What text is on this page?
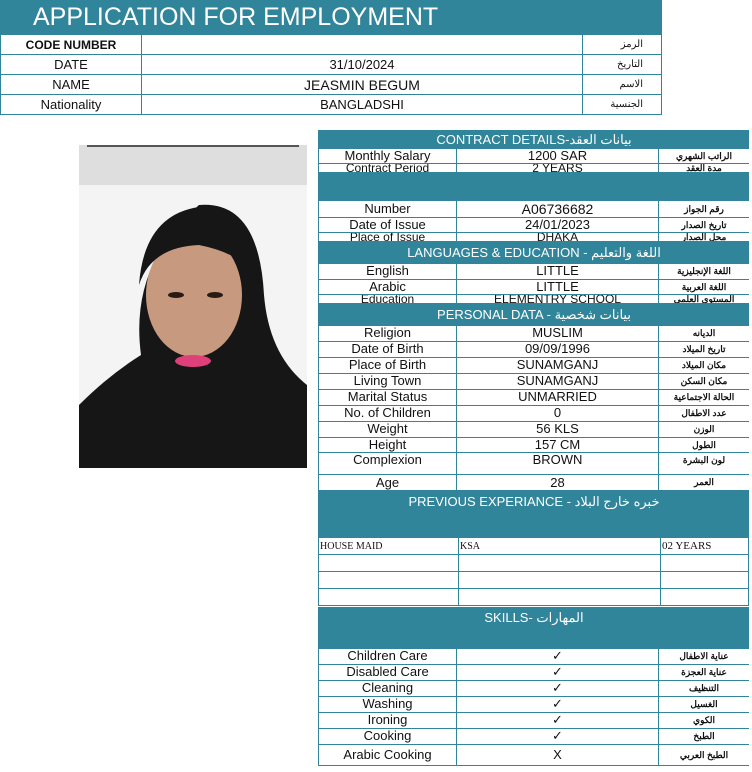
APPLICATION FOR EMPLOYMENT
CODE NUMBER		الرمز
DATE	31/10/2024	التاريخ
NAME	JEASMIN BEGUM	الاسم
Nationality	BANGLADSHI	الجنسية
CONTRACT DETAILS-بيانات العقد
Monthly Salary	1200 SAR	الراتب الشهري
Contract Period	2 YEARS	مدة العقد
Number	A06736682	رقم الجواز
Date of Issue	24/01/2023	تاريخ الصدار
Place of Issue	DHAKA	محل الصدار
LANGUAGES & EDUCATION - اللغة والتعليم
English	LITTLE	اللغة الإنجليزية
Arabic	LITTLE	اللغة العربية
Education	ELEMENTRY SCHOOL	المستوى العلمي
PERSONAL DATA - بيانات شخصية
Religion	MUSLIM	الديانه
Date of Birth	09/09/1996	تاريخ الميلاد
Place of Birth	SUNAMGANJ	مكان الميلاد
Living Town	SUNAMGANJ	مكان السكن
Marital Status	UNMARRIED	الحالة الاجتماعية
No. of Children	0	عدد الاطفال
Weight	56 KLS	الوزن
Height	157 CM	الطول
Complexion	BROWN	لون البشرة
Age	28	العمر
PREVIOUS EXPERIANCE - خبره خارج البلاد
HOUSE MAID	KSA	02 YEARS

SKILLS- المهارات
Children Care	✓	عناية الاطفال
Disabled Care	✓	عناية العجزة
Cleaning	✓	التنظيف
Washing	✓	الغسيل
Ironing	✓	الكوي
Cooking	✓	الطبخ
Arabic Cooking	X	الطبخ العربي
